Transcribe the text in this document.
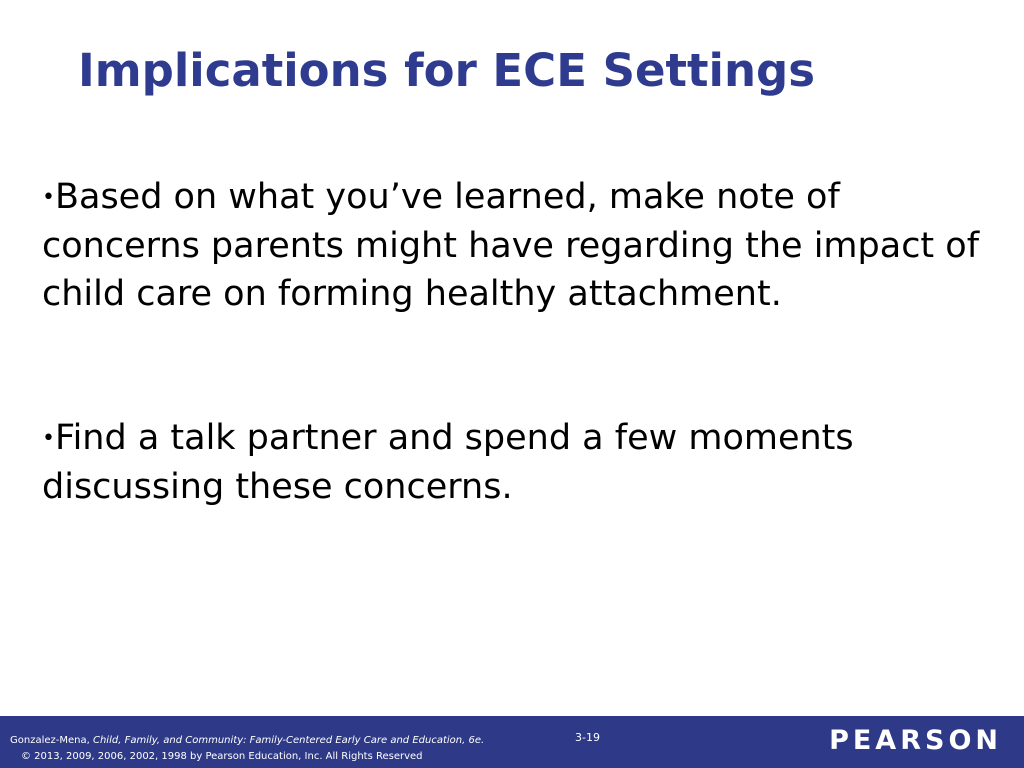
Implications for ECE Settings
•Based on what you’ve learned, make note of concerns parents might have regarding the impact of child care on forming healthy attachment.
•Find a talk partner and spend a few moments discussing these concerns.
Gonzalez-Mena, Child, Family, and Community: Family-Centered Early Care and Education, 6e.
© 2013, 2009, 2006, 2002, 1998 by Pearson Education, Inc. All Rights Reserved
3-19	PEARSON
